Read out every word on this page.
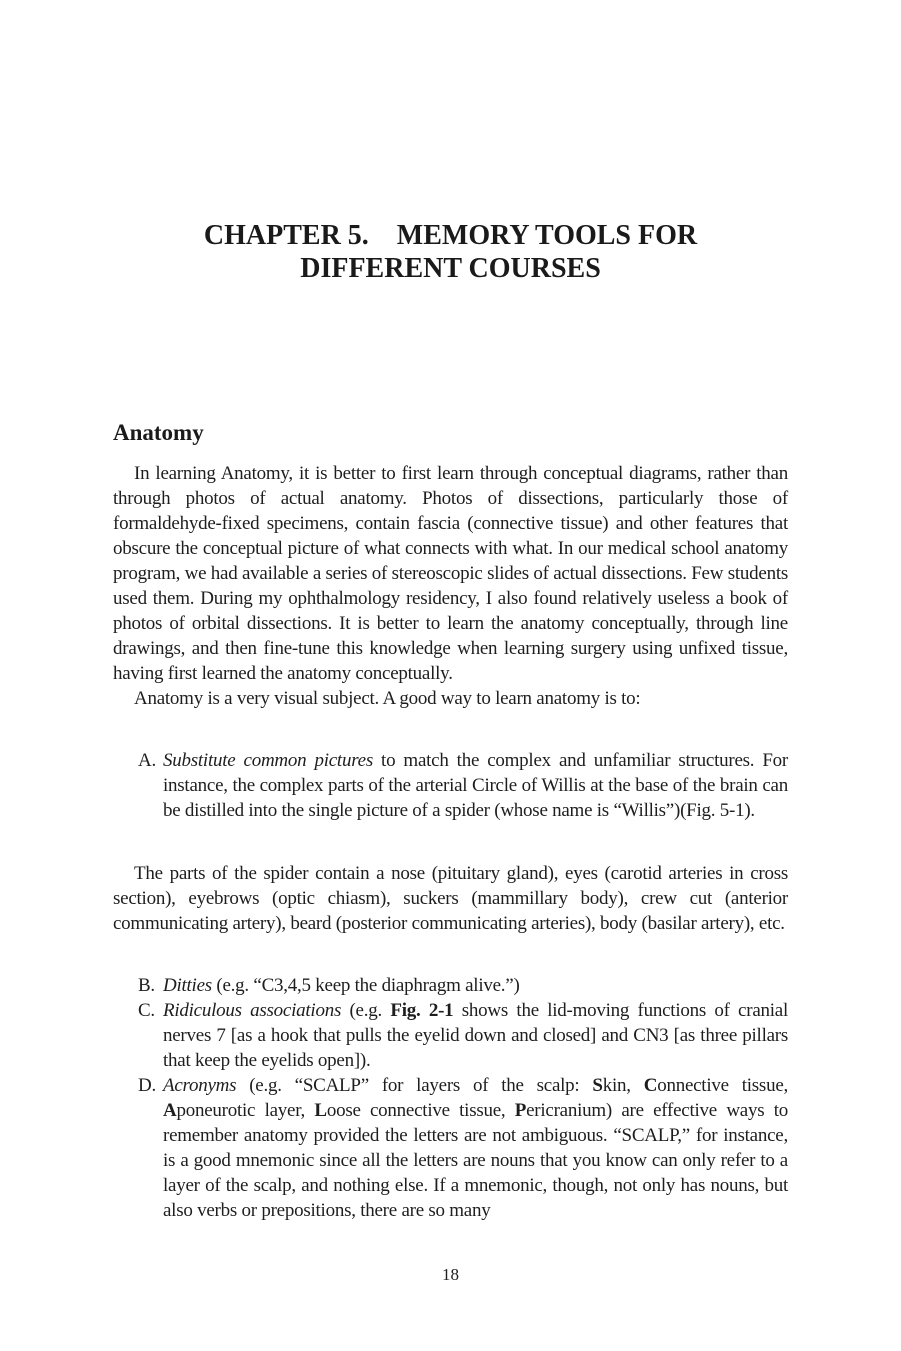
CHAPTER 5. MEMORY TOOLS FOR
DIFFERENT COURSES
Anatomy

In learning Anatomy, it is better to first learn through conceptual diagrams, rather than through photos of actual anatomy. Photos of dissections, particularly those of formaldehyde-fixed specimens, contain fascia (connective tissue) and other features that obscure the conceptual picture of what connects with what. In our medical school anatomy program, we had available a series of stereoscopic slides of actual dissections. Few students used them. During my ophthalmology residency, I also found relatively useless a book of photos of orbital dissections. It is better to learn the anatomy conceptually, through line drawings, and then fine-tune this knowledge when learning surgery using unfixed tissue, having first learned the anatomy conceptually.

Anatomy is a very visual subject. A good way to learn anatomy is to:

A. Substitute common pictures to match the complex and unfamiliar structures. For instance, the complex parts of the arterial Circle of Willis at the base of the brain can be distilled into the single picture of a spider (whose name is “Willis”)(Fig. 5-1).

The parts of the spider contain a nose (pituitary gland), eyes (carotid arteries in cross section), eyebrows (optic chiasm), suckers (mammillary body), crew cut (anterior communicating artery), beard (posterior communicating arteries), body (basilar artery), etc.

B. Ditties (e.g. “C3,4,5 keep the diaphragm alive.”)
C. Ridiculous associations (e.g. Fig. 2-1 shows the lid-moving functions of cranial nerves 7 [as a hook that pulls the eyelid down and closed] and CN3 [as three pillars that keep the eyelids open]).
D. Acronyms (e.g. “SCALP” for layers of the scalp: Skin, Connective tissue, Aponeurotic layer, Loose connective tissue, Pericranium) are effective ways to remember anatomy provided the letters are not ambiguous. “SCALP,” for instance, is a good mnemonic since all the letters are nouns that you know can only refer to a layer of the scalp, and nothing else. If a mnemonic, though, not only has nouns, but also verbs or prepositions, there are so many
18
